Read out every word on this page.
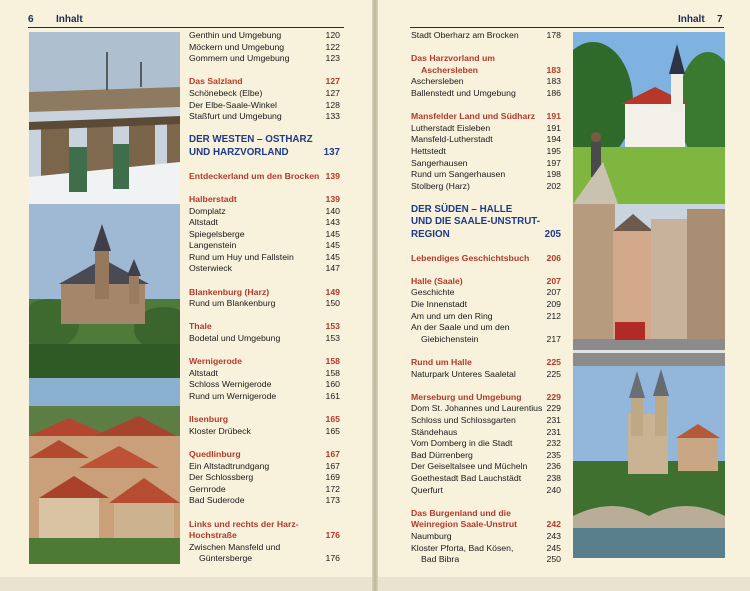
6 Inhalt
Genthin und Umgebung	120
Möckern und Umgebung	122
Gommern und Umgebung	123
Das Salzland	127
Schönebeck (Elbe)	127
Der Elbe-Saale-Winkel	128
Staßfurt und Umgebung	133
DER WESTEN – OSTHARZ
UND HARZVORLAND	137
Entdeckerland um den Brocken 139
Halberstadt	139
Domplatz	140
Altstadt	143
Spiegelsberge	145
Langenstein	145
Rund um Huy und Fallstein	145
Osterwieck	147
Blankenburg (Harz)	149
Rund um Blankenburg	150
Thale	153
Bodetal und Umgebung	153
Wernigerode	158
Altstadt	158
Schloss Wernigerode	160
Rund um Wernigerode	161
Ilsenburg	165
Kloster Drübeck	165
Quedlinburg	167
Ein Altstadtrundgang	167
Der Schlossberg	169
Gernrode	172
Bad Suderode	173
Links und rechts der Harz-
Hochstraße	176
Zwischen Mansfeld und
Güntersberge	176
Inhalt 7
Stadt Oberharz am Brocken	178
Das Harzvorland um
Aschersleben	183
Aschersleben	183
Ballenstedt und Umgebung	186
Mansfelder Land und Südharz 191
Lutherstadt Eisleben	191
Mansfeld-Lutherstadt	194
Hettstedt	195
Sangerhausen	197
Rund um Sangerhausen	198
Stolberg (Harz)	202
DER SÜDEN – HALLE
UND DIE SAALE-UNSTRUT-
REGION	205
Lebendiges Geschichtsbuch 206
Halle (Saale)	207
Geschichte	207
Die Innenstadt	209
Am und um den Ring	212
An der Saale und um den
Giebichenstein	217
Rund um Halle	225
Naturpark Unteres Saaletal	225
Merseburg und Umgebung	229
Dom St. Johannes und Laurentius 229
Schloss und Schlossgarten	231
Ständehaus	231
Vom Domberg in die Stadt	232
Bad Dürrenberg	235
Der Geiseltalsee und Mücheln 236
Goethestadt Bad Lauchstädt	238
Querfurt	240
Das Burgenland und die
Weinregion Saale-Unstrut	242
Naumburg	243
Kloster Pforta, Bad Kösen,	245
Bad Bibra	250
